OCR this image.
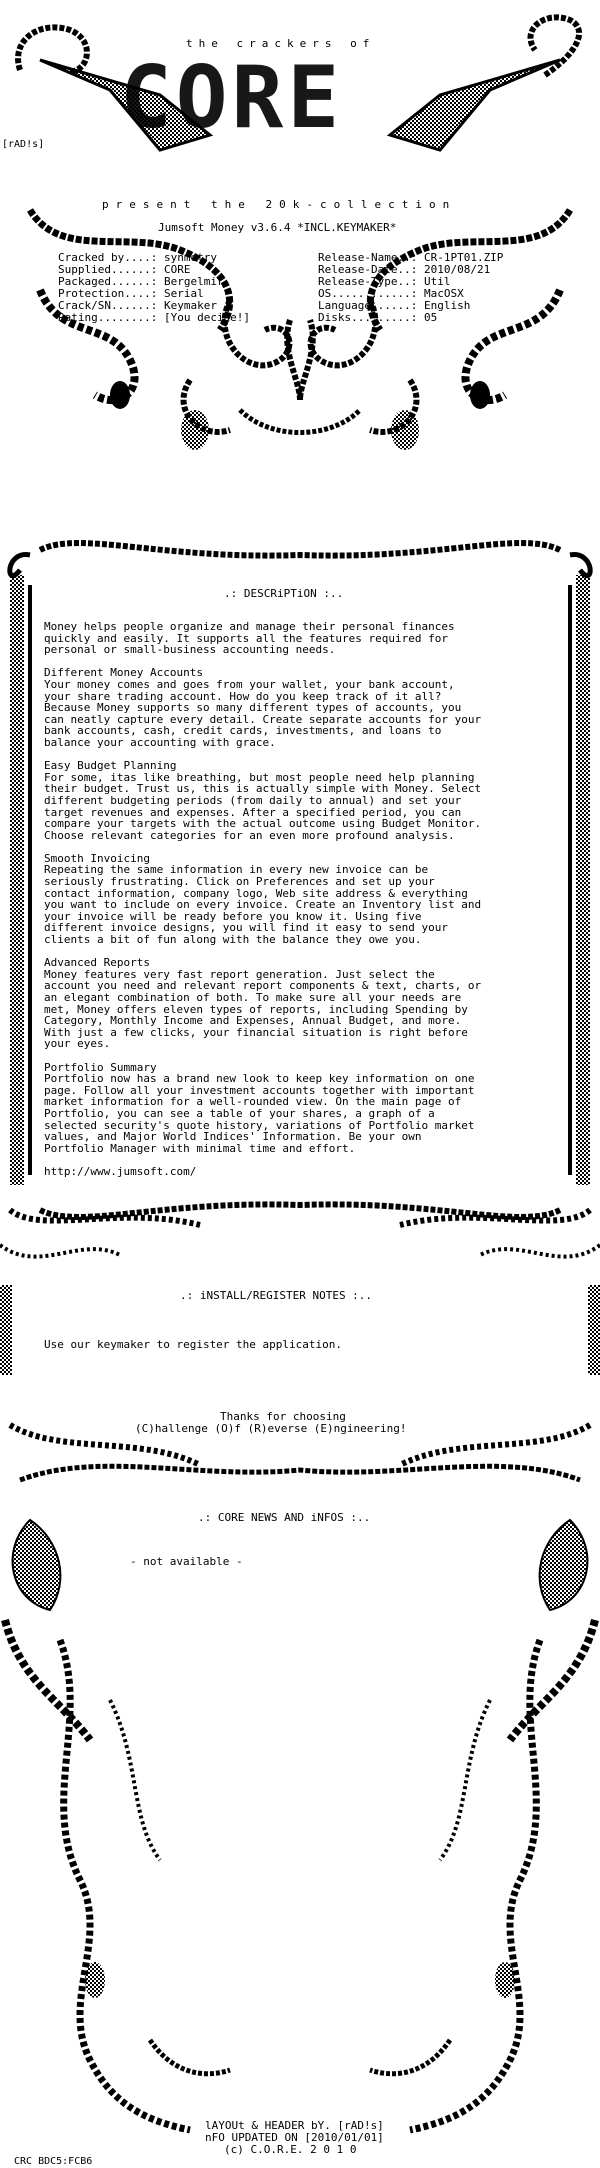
the crackers of
CORE
[rAD!s]
present the 20k-collection
Jumsoft Money v3.6.4 *INCL.KEYMAKER*
Cracked by....: synmetry
Supplied......: CORE
Packaged......: Bergelmir
Protection....: Serial
Crack/SN......: Keymaker
Rating........: [You decide!]
Release-Name..: CR-1PT01.ZIP
Release-Date..: 2010/08/21
Release-Type..: Util
OS............: MacOSX
Language......: English
Disks.........: 05
.: DESCRiPTiON :..
Money helps people organize and manage their personal finances
quickly and easily. It supports all the features required for
personal or small-business accounting needs.

Different Money Accounts
Your money comes and goes from your wallet, your bank account,
your share trading account. How do you keep track of it all?
Because Money supports so many different types of accounts, you
can neatly capture every detail. Create separate accounts for your
bank accounts, cash, credit cards, investments, and loans to
balance your accounting with grace.

Easy Budget Planning
For some, itas like breathing, but most people need help planning
their budget. Trust us, this is actually simple with Money. Select
different budgeting periods (from daily to annual) and set your
target revenues and expenses. After a specified period, you can
compare your targets with the actual outcome using Budget Monitor.
Choose relevant categories for an even more profound analysis.

Smooth Invoicing
Repeating the same information in every new invoice can be
seriously frustrating. Click on Preferences and set up your
contact information, company logo, Web site address & everything
you want to include on every invoice. Create an Inventory list and
your invoice will be ready before you know it. Using five
different invoice designs, you will find it easy to send your
clients a bit of fun along with the balance they owe you.

Advanced Reports
Money features very fast report generation. Just select the
account you need and relevant report components & text, charts, or
an elegant combination of both. To make sure all your needs are
met, Money offers eleven types of reports, including Spending by
Category, Monthly Income and Expenses, Annual Budget, and more.
With just a few clicks, your financial situation is right before
your eyes.

Portfolio Summary
Portfolio now has a brand new look to keep key information on one
page. Follow all your investment accounts together with important
market information for a well-rounded view. On the main page of
Portfolio, you can see a table of your shares, a graph of a
selected security's quote history, variations of Portfolio market
values, and Major World Indices' Information. Be your own
Portfolio Manager with minimal time and effort.

http://www.jumsoft.com/
.: iNSTALL/REGISTER NOTES :..
Use our keymaker to register the application.
Thanks for choosing
(C)hallenge (O)f (R)everse (E)ngineering!
.: CORE NEWS AND iNFOS :..
- not available -
lAYOUt & HEADER bY. [rAD!s]
nFO UPDATED ON [2010/01/01]
(c) C.O.R.E. 2 0 1 0
CRC BDC5:FCB6
